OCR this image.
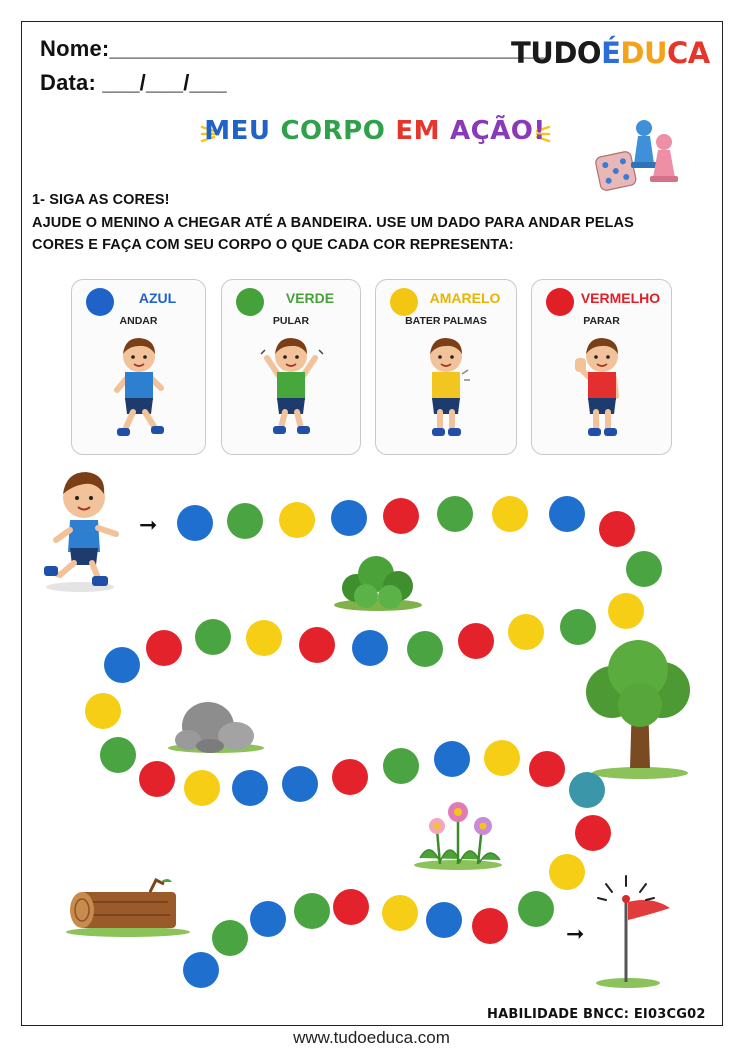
Nome:___________________________________
Data: ___/___/___
TUDOÉDUCA
MEU CORPO EM AÇÃO!
1- SIGA AS CORES!
AJUDE O MENINO A CHEGAR ATÉ A BANDEIRA. USE UM DADO PARA ANDAR PELAS
CORES E FAÇA COM SEU CORPO O QUE CADA COR REPRESENTA:
AZUL
ANDAR
VERDE
PULAR
AMARELO
BATER PALMAS
VERMELHO
PARAR
➞
➞
HABILIDADE BNCC: EI03CG02
www.tudoeduca.com
